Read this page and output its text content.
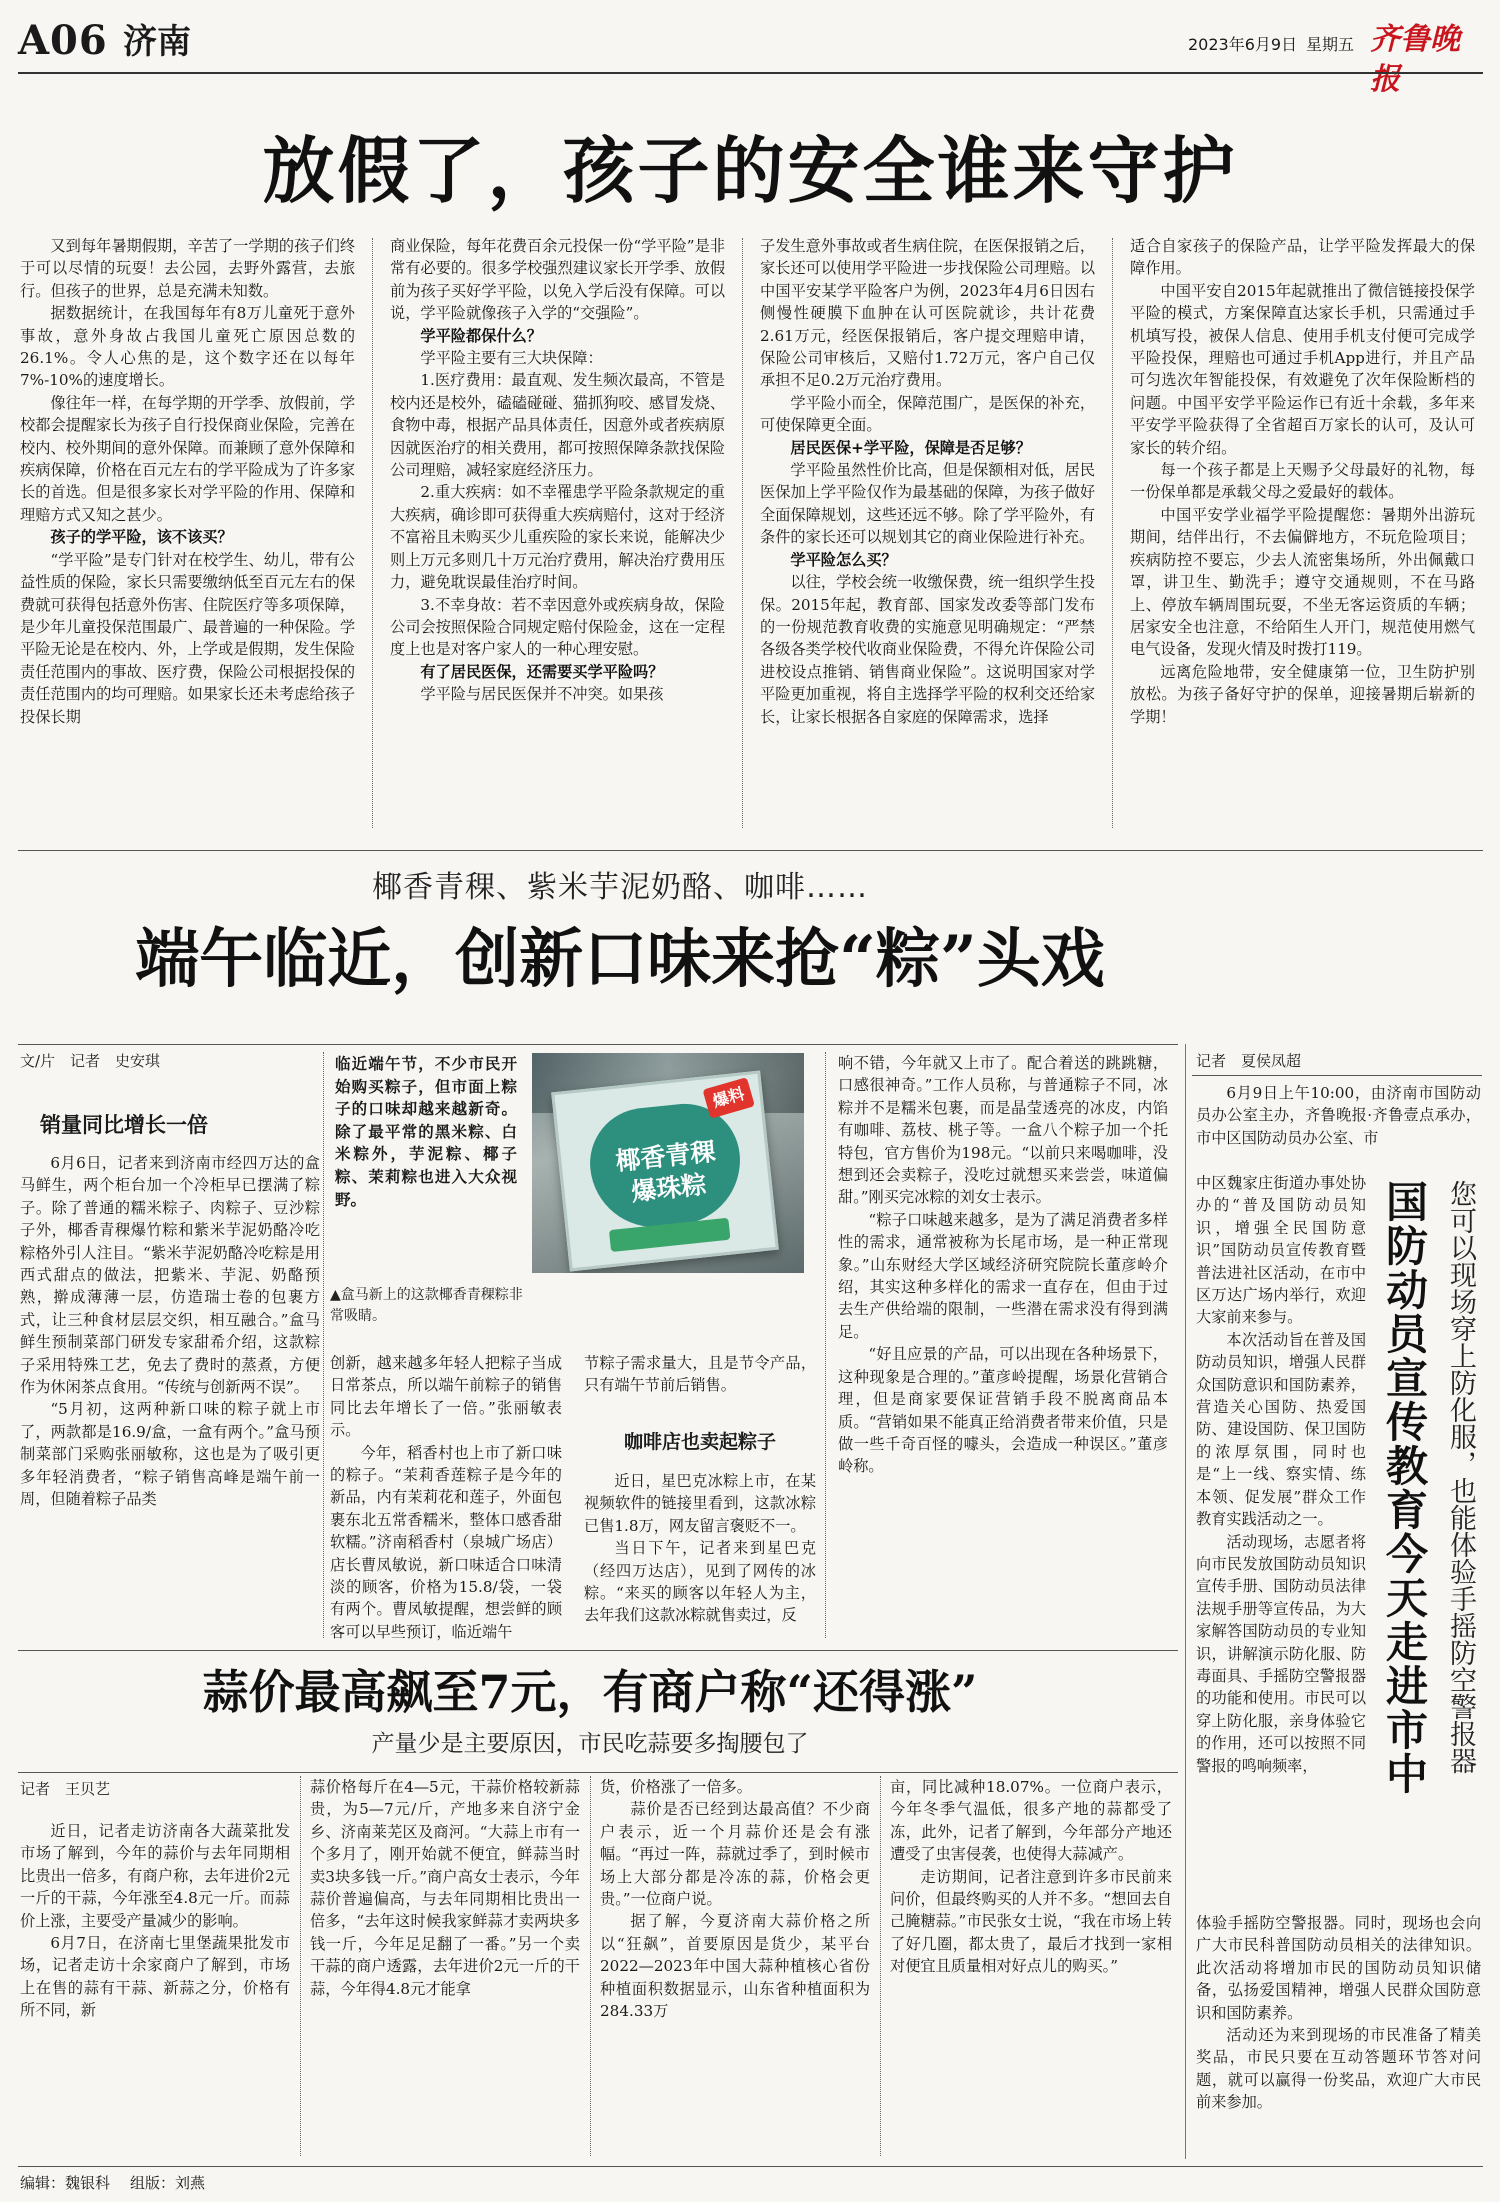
A06 济南	2023年6月9日 星期五 齐鲁晚报
放假了，孩子的安全谁来守护

又到每年暑期假期，辛苦了一学期的孩子们终于可以尽情的玩耍！去公园，去野外露营，去旅行。但孩子的世界，总是充满未知数。

据数据统计，在我国每年有8万儿童死于意外事故，意外身故占我国儿童死亡原因总数的26.1%。令人心焦的是，这个数字还在以每年7%-10%的速度增长。

像往年一样，在每学期的开学季、放假前，学校都会提醒家长为孩子自行投保商业保险，完善在校内、校外期间的意外保障。而兼顾了意外保障和疾病保障，价格在百元左右的学平险成为了许多家长的首选。但是很多家长对学平险的作用、保障和理赔方式又知之甚少。

孩子的学平险，该不该买？

“学平险”是专门针对在校学生、幼儿，带有公益性质的保险，家长只需要缴纳低至百元左右的保费就可获得包括意外伤害、住院医疗等多项保障，是少年儿童投保范围最广、最普遍的一种保险。学平险无论是在校内、外，上学或是假期，发生保险责任范围内的事故、医疗费，保险公司根据投保的责任范围内的均可理赔。如果家长还未考虑给孩子投保长期

商业保险，每年花费百余元投保一份“学平险”是非常有必要的。很多学校强烈建议家长开学季、放假前为孩子买好学平险，以免入学后没有保障。可以说，学平险就像孩子入学的“交强险”。

学平险都保什么？

学平险主要有三大块保障：

1.医疗费用：最直观、发生频次最高，不管是校内还是校外，磕磕碰碰、猫抓狗咬、感冒发烧、食物中毒，根据产品具体责任，因意外或者疾病原因就医治疗的相关费用，都可按照保障条款找保险公司理赔，减轻家庭经济压力。

2.重大疾病：如不幸罹患学平险条款规定的重大疾病，确诊即可获得重大疾病赔付，这对于经济不富裕且未购买少儿重疾险的家长来说，能解决少则上万元多则几十万元治疗费用，解决治疗费用压力，避免耽误最佳治疗时间。

3.不幸身故：若不幸因意外或疾病身故，保险公司会按照保险合同规定赔付保险金，这在一定程度上也是对客户家人的一种心理安慰。

有了居民医保，还需要买学平险吗？

学平险与居民医保并不冲突。如果孩

子发生意外事故或者生病住院，在医保报销之后，家长还可以使用学平险进一步找保险公司理赔。以中国平安某学平险客户为例，2023年4月6日因右侧慢性硬膜下血肿在认可医院就诊，共计花费2.61万元，经医保报销后，客户提交理赔申请，保险公司审核后，又赔付1.72万元，客户自己仅承担不足0.2万元治疗费用。

学平险小而全，保障范围广，是医保的补充，可使保障更全面。

居民医保+学平险，保障是否足够？

学平险虽然性价比高，但是保额相对低，居民医保加上学平险仅作为最基础的保障，为孩子做好全面保障规划，这些还远不够。除了学平险外，有条件的家长还可以规划其它的商业保险进行补充。

学平险怎么买？

以往，学校会统一收缴保费，统一组织学生投保。2015年起，教育部、国家发改委等部门发布的一份规范教育收费的实施意见明确规定：“严禁各级各类学校代收商业保险费，不得允许保险公司进校设点推销、销售商业保险”。这说明国家对学平险更加重视，将自主选择学平险的权利交还给家长，让家长根据各自家庭的保障需求，选择

适合自家孩子的保险产品，让学平险发挥最大的保障作用。

中国平安自2015年起就推出了微信链接投保学平险的模式，方案保障直达家长手机，只需通过手机填写投，被保人信息、使用手机支付便可完成学平险投保，理赔也可通过手机App进行，并且产品可匀选次年智能投保，有效避免了次年保险断档的问题。中国平安学平险运作已有近十余载，多年来平安学平险获得了全省超百万家长的认可，及认可家长的转介绍。

每一个孩子都是上天赐予父母最好的礼物，每一份保单都是承载父母之爱最好的载体。

中国平安学业福学平险提醒您：暑期外出游玩期间，结伴出行，不去偏僻地方，不玩危险项目；疾病防控不要忘，少去人流密集场所，外出佩戴口罩，讲卫生、勤洗手；遵守交通规则，不在马路上、停放车辆周围玩耍，不坐无客运资质的车辆；居家安全也注意，不给陌生人开门，规范使用燃气电气设备，发现火情及时拨打119。

远离危险地带，安全健康第一位，卫生防护别放松。为孩子备好守护的保单，迎接暑期后崭新的学期！

椰香青稞、紫米芋泥奶酪、咖啡……
端午临近，创新口味来抢“粽”头戏
文/片　记者　史安琪
销量同比增长一倍

6月6日，记者来到济南市经四万达的盒马鲜生，两个柜台加一个冷柜早已摆满了粽子。除了普通的糯米粽子、肉粽子、豆沙粽子外，椰香青稞爆竹粽和紫米芋泥奶酪冷吃粽格外引人注目。“紫米芋泥奶酪冷吃粽是用西式甜点的做法，把紫米、芋泥、奶酪预熟，擀成薄薄一层，仿造瑞士卷的包裹方式，让三种食材层层交织，相互融合。”盒马鲜生预制菜部门研发专家甜希介绍，这款粽子采用特殊工艺，免去了费时的蒸煮，方便作为休闲茶点食用。“传统与创新两不误”。

“5月初，这两种新口味的粽子就上市了，两款都是16.9/盒，一盒有两个。”盒马预制菜部门采购张丽敏称，这也是为了吸引更多年轻消费者，“粽子销售高峰是端午前一周，但随着粽子品类

临近端午节，不少市民开始购买粽子，但市面上粽子的口味却越来越新奇。除了最平常的黑米粽、白米粽外，芋泥粽、椰子粽、茉莉粽也进入大众视野。
椰香青稞
爆珠粽
爆料
▲盒马新上的这款椰香青稞粽非常吸睛。

创新，越来越多年轻人把粽子当成日常茶点，所以端午前粽子的销售同比去年增长了一倍。”张丽敏表示。

今年，稻香村也上市了新口味的粽子。“茉莉香莲粽子是今年的新品，内有茉莉花和莲子，外面包裹东北五常香糯米，整体口感香甜软糯。”济南稻香村（泉城广场店）店长曹凤敏说，新口味适合口味清淡的顾客，价格为15.8/袋，一袋有两个。曹凤敏提醒，想尝鲜的顾客可以早些预订，临近端午

节粽子需求量大，且是节令产品，只有端午节前后销售。

咖啡店也卖起粽子

近日，星巴克冰粽上市，在某视频软件的链接里看到，这款冰粽已售1.8万，网友留言褒贬不一。

当日下午，记者来到星巴克（经四万达店），见到了网传的冰粽。“来买的顾客以年轻人为主，去年我们这款冰粽就售卖过，反

响不错，今年就又上市了。配合着送的跳跳糖，口感很神奇。”工作人员称，与普通粽子不同，冰粽并不是糯米包裹，而是晶莹透亮的冰皮，内馅有咖啡、荔枝、桃子等。一盒八个粽子加一个托特包，官方售价为198元。“以前只来喝咖啡，没想到还会卖粽子，没吃过就想买来尝尝，味道偏甜。”刚买完冰粽的刘女士表示。

“粽子口味越来越多，是为了满足消费者多样性的需求，通常被称为长尾市场，是一种正常现象。”山东财经大学区域经济研究院院长董彦岭介绍，其实这种多样化的需求一直存在，但由于过去生产供给端的限制，一些潜在需求没有得到满足。

“好且应景的产品，可以出现在各种场景下，这种现象是合理的。”董彦岭提醒，场景化营销合理，但是商家要保证营销手段不脱离商品本质。“营销如果不能真正给消费者带来价值，只是做一些千奇百怪的噱头，会造成一种误区。”董彦岭称。

蒜价最高飙至7元，有商户称“还得涨”
产量少是主要原因，市民吃蒜要多掏腰包了
记者　王贝艺

近日，记者走访济南各大蔬菜批发市场了解到，今年的蒜价与去年同期相比贵出一倍多，有商户称，去年进价2元一斤的干蒜，今年涨至4.8元一斤。而蒜价上涨，主要受产量减少的影响。

6月7日，在济南七里堡蔬果批发市场，记者走访十余家商户了解到，市场上在售的蒜有干蒜、新蒜之分，价格有所不同，新

蒜价格每斤在4—5元，干蒜价格较新蒜贵，为5—7元/斤，产地多来自济宁金乡、济南莱芜区及商河。“大蒜上市有一个多月了，刚开始就不便宜，鲜蒜当时卖3块多钱一斤。”商户高女士表示，今年蒜价普遍偏高，与去年同期相比贵出一倍多，“去年这时候我家鲜蒜才卖两块多钱一斤，今年足足翻了一番。”另一个卖干蒜的商户透露，去年进价2元一斤的干蒜，今年得4.8元才能拿

货，价格涨了一倍多。

蒜价是否已经到达最高值？不少商户表示，近一个月蒜价还是会有涨幅。“再过一阵，蒜就过季了，到时候市场上大部分都是冷冻的蒜，价格会更贵。”一位商户说。

据了解，今夏济南大蒜价格之所以“狂飙”，首要原因是货少，某平台2022—2023年中国大蒜种植核心省份种植面积数据显示，山东省种植面积为284.33万

亩，同比减种18.07%。一位商户表示，今年冬季气温低，很多产地的蒜都受了冻，此外，记者了解到，今年部分产地还遭受了虫害侵袭，也使得大蒜减产。

走访期间，记者注意到许多市民前来问价，但最终购买的人并不多。“想回去自己腌糖蒜。”市民张女士说，“我在市场上转了好几圈，都太贵了，最后才找到一家相对便宜且质量相对好点儿的购买。”

记者　夏侯凤超

6月9日上午10:00，由济南市国防动员办公室主办，齐鲁晚报·齐鲁壹点承办，市中区国防动员办公室、市

中区魏家庄街道办事处协办的“普及国防动员知识，增强全民国防意识”国防动员宣传教育暨普法进社区活动，在市中区万达广场内举行，欢迎大家前来参与。

本次活动旨在普及国防动员知识，增强人民群众国防意识和国防素养，营造关心国防、热爱国防、建设国防、保卫国防的浓厚氛围，同时也是“上一线、察实情、练本领、促发展”群众工作教育实践活动之一。

活动现场，志愿者将向市民发放国防动员知识宣传手册、国防动员法律法规手册等宣传品，为大家解答国防动员的专业知识，讲解演示防化服、防毒面具、手摇防空警报器的功能和使用。市民可以穿上防化服，亲身体验它的作用，还可以按照不同警报的鸣响频率，	国防动员宣传教育今天走进市中 您可以现场穿上防化服，也能体验手摇防空警报器

体验手摇防空警报器。同时，现场也会向广大市民科普国防动员相关的法律知识。此次活动将增加市民的国防动员知识储备，弘扬爱国精神，增强人民群众国防意识和国防素养。

活动还为来到现场的市民准备了精美奖品，市民只要在互动答题环节答对问题，就可以赢得一份奖品，欢迎广大市民前来参加。

编辑：魏银科 组版：刘燕
